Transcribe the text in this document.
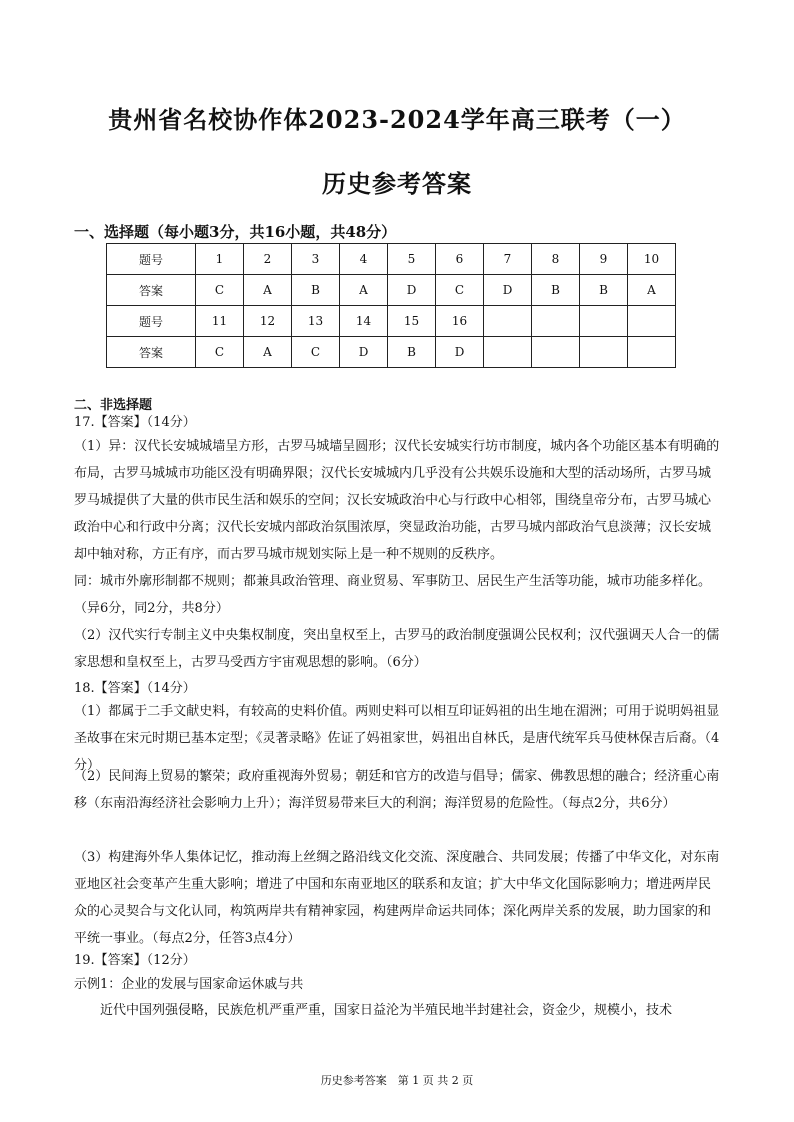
贵州省名校协作体2023-2024学年高三联考（一）
历史参考答案
一、选择题（每小题3分，共16小题，共48分）
题号	1	2	3	4	5	6	7	8	9	10
答案	C	A	B	A	D	C	D	B	B	A
题号	11	12	13	14	15	16				
答案	C	A	C	D	B	D				
二、非选择题
17.【答案】（14分）
（1）异：汉代长安城城墙呈方形，古罗马城墙呈圆形；汉代长安城实行坊市制度，城内各个功能区基本有明确的布局，古罗马城城市功能区没有明确界限；汉代长安城城内几乎没有公共娱乐设施和大型的活动场所，古罗马城罗马城提供了大量的供市民生活和娱乐的空间；汉长安城政治中心与行政中心相邻，围绕皇帝分布，古罗马城心政治中心和行政中分离；汉代长安城内部政治氛围浓厚，突显政治功能，古罗马城内部政治气息淡薄；汉长安城却中轴对称，方正有序，而古罗马城市规划实际上是一种不规则的反秩序。
同：城市外廓形制都不规则；都兼具政治管理、商业贸易、军事防卫、居民生产生活等功能，城市功能多样化。（异6分，同2分，共8分）
（2）汉代实行专制主义中央集权制度，突出皇权至上，古罗马的政治制度强调公民权利；汉代强调天人合一的儒家思想和皇权至上，古罗马受西方宇宙观思想的影响。（6分）
18.【答案】（14分）
（1）都属于二手文献史料，有较高的史料价值。两则史料可以相互印证妈祖的出生地在湄洲；可用于说明妈祖显圣故事在宋元时期已基本定型；《灵著录略》佐证了妈祖家世，妈祖出自林氏，是唐代统军兵马使林保吉后裔。（4分）
（2）民间海上贸易的繁荣；政府重视海外贸易；朝廷和官方的改造与倡导；儒家、佛教思想的融合；经济重心南移（东南沿海经济社会影响力上升）；海洋贸易带来巨大的利润；海洋贸易的危险性。（每点2分，共6分）
（3）构建海外华人集体记忆，推动海上丝绸之路沿线文化交流、深度融合、共同发展；传播了中华文化，对东南亚地区社会变革产生重大影响；增进了中国和东南亚地区的联系和友谊；扩大中华文化国际影响力；增进两岸民众的心灵契合与文化认同，构筑两岸共有精神家园，构建两岸命运共同体；深化两岸关系的发展，助力国家的和平统一事业。（每点2分，任答3点4分）
19.【答案】（12分）
示例1：企业的发展与国家命运休戚与共
近代中国列强侵略，民族危机严重严重，国家日益沦为半殖民地半封建社会，资金少，规模小，技术
历史参考答案　第 1 页 共 2 页
